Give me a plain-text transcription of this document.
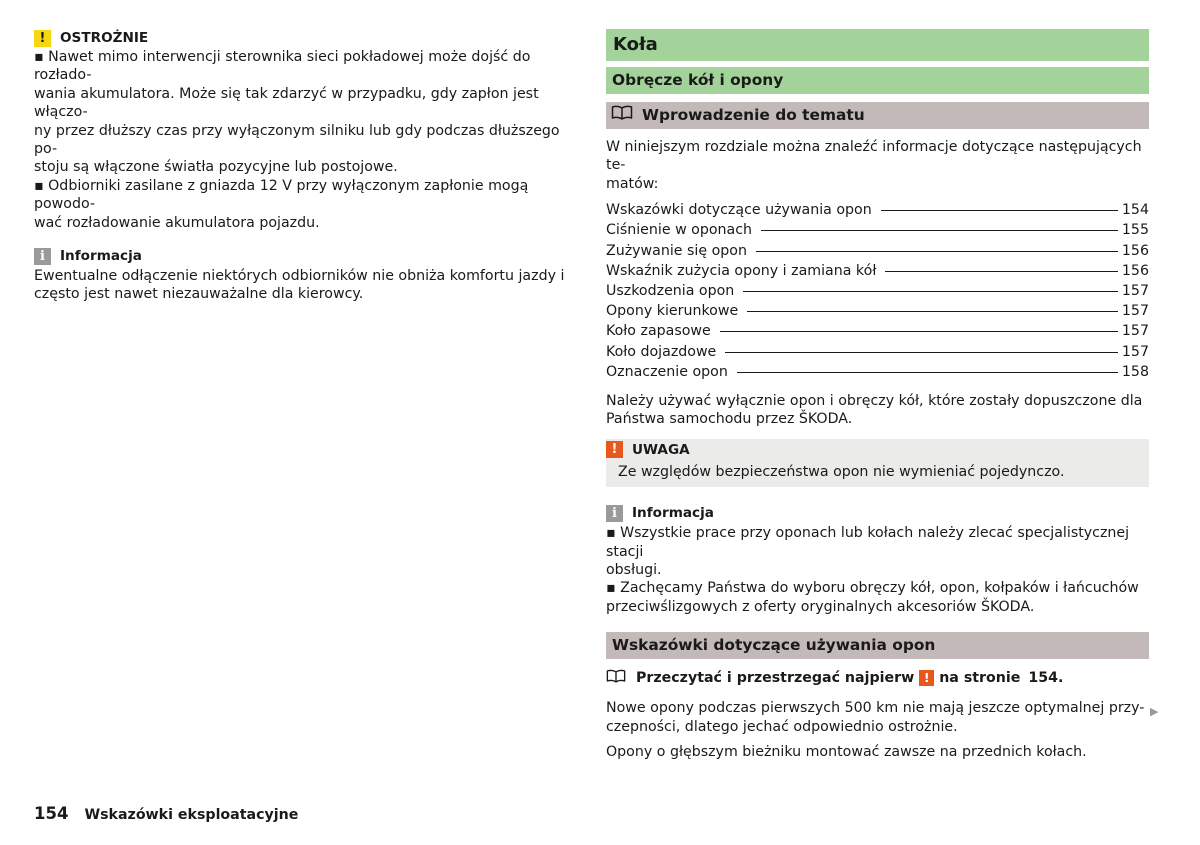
!	OSTROŻNIE
▪ Nawet mimo interwencji sterownika sieci pokładowej może dojść do rozłado-
wania akumulatora. Może się tak zdarzyć w przypadku, gdy zapłon jest włączo-
ny przez dłuższy czas przy wyłączonym silniku lub gdy podczas dłuższego po-
stoju są włączone światła pozycyjne lub postojowe.
▪ Odbiorniki zasilane z gniazda 12 V przy wyłączonym zapłonie mogą powodo-
wać rozładowanie akumulatora pojazdu.
i	Informacja
Ewentualne odłączenie niektórych odbiorników nie obniża komfortu jazdy i
często jest nawet niezauważalne dla kierowcy.
Koła
Obręcze kół i opony
Wprowadzenie do tematu
W niniejszym rozdziale można znaleźć informacje dotyczące następujących te-
matów:
Wskazówki dotyczące używania opon	154
Ciśnienie w oponach	155
Zużywanie się opon	156
Wskaźnik zużycia opony i zamiana kół	156
Uszkodzenia opon	157
Opony kierunkowe	157
Koło zapasowe	157
Koło dojazdowe	157
Oznaczenie opon	158
Należy używać wyłącznie opon i obręczy kół, które zostały dopuszczone dla
Państwa samochodu przez ŠKODA.
!	UWAGA
Ze względów bezpieczeństwa opon nie wymieniać pojedynczo.
i	Informacja
▪ Wszystkie prace przy oponach lub kołach należy zlecać specjalistycznej stacji
obsługi.
▪ Zachęcamy Państwa do wyboru obręczy kół, opon, kołpaków i łańcuchów
przeciwślizgowych z oferty oryginalnych akcesoriów ŠKODA.
Wskazówki dotyczące używania opon
Przeczytać i przestrzegać najpierw ! na stronie 154.
Nowe opony podczas pierwszych 500 km nie mają jeszcze optymalnej przy-
czepności, dlatego jechać odpowiednio ostrożnie.
Opony o głębszym bieżniku montować zawsze na przednich kołach.
▶
154 Wskazówki eksploatacyjne
